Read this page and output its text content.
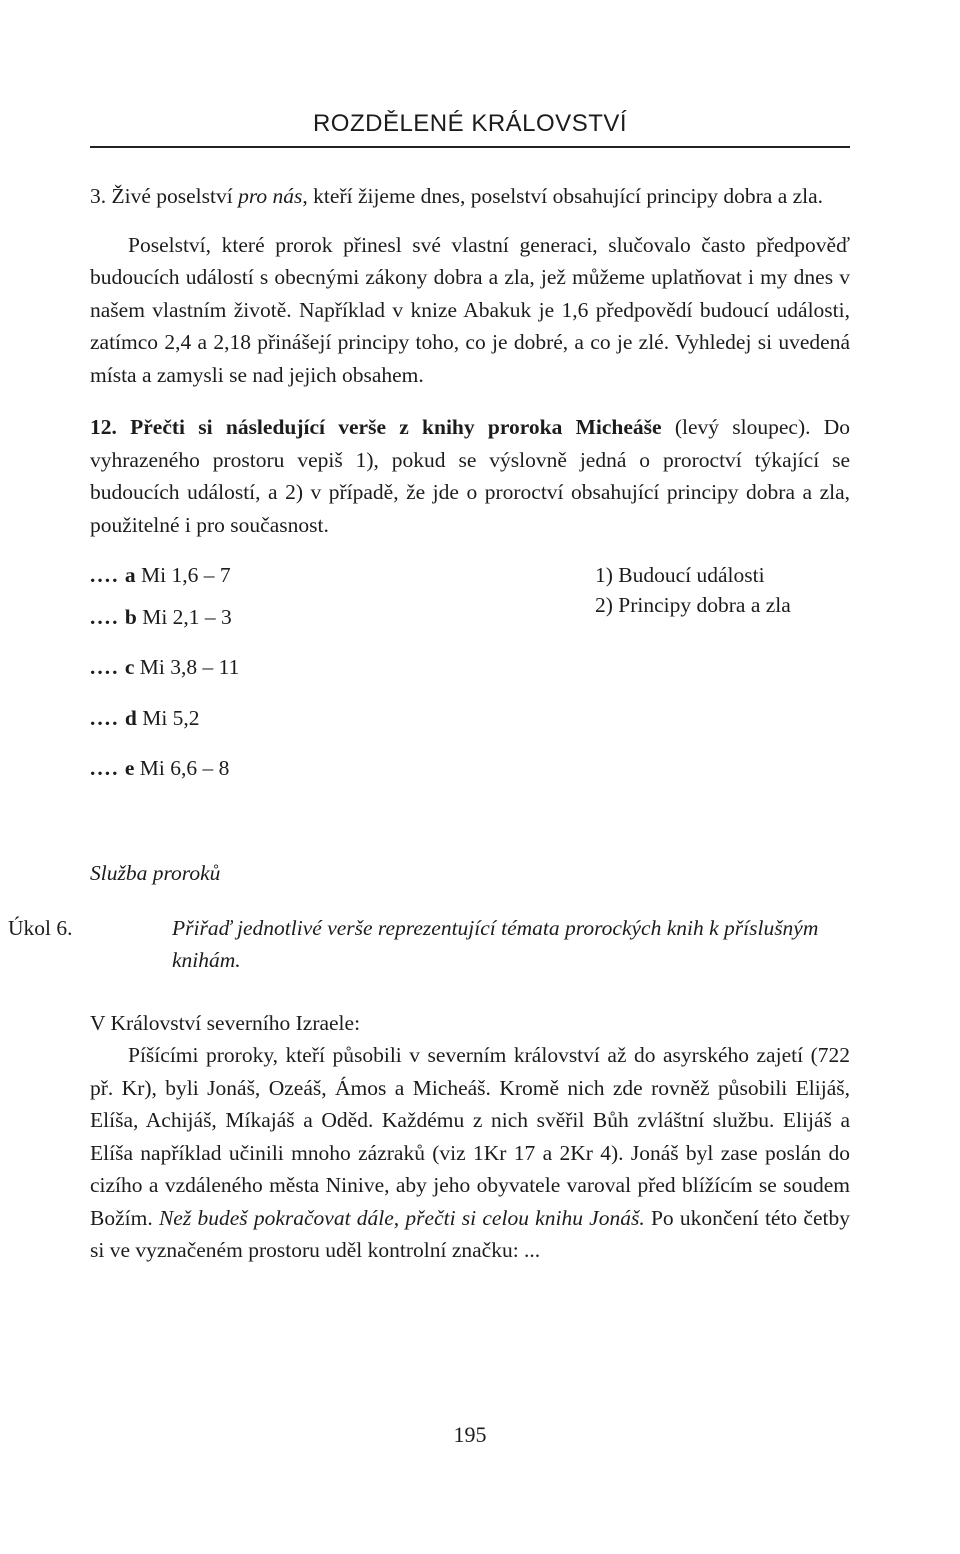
ROZDĚLENÉ KRÁLOVSTVÍ

3. Živé poselství pro nás, kteří žijeme dnes, poselství obsahující principy dobra a zla.

Poselství, které prorok přinesl své vlastní generaci, slučovalo často předpověď budoucích událostí s obecnými zákony dobra a zla, jež můžeme uplatňovat i my dnes v našem vlastním životě. Například v knize Abakuk je 1,6 předpovědí budoucí události, zatímco 2,4 a 2,18 přinášejí principy toho, co je dobré, a co je zlé. Vyhledej si uvedená místa a zamysli se nad jejich obsahem.

12. Přečti si následující verše z knihy proroka Micheáše (levý sloupec). Do vyhrazeného prostoru vepiš 1), pokud se výslovně jedná o proroctví týkající se budoucích událostí, a 2) v případě, že jde o proroctví obsahující principy dobra a zla, použitelné i pro současnost.

.... a Mi 1,6 – 7
.... b Mi 2,1 – 3
.... c Mi 3,8 – 11
.... d Mi 5,2
.... e Mi 6,6 – 8
1) Budoucí události
2) Principy dobra a zla

Služba proroků

Úkol 6.	Přiřaď jednotlivé verše reprezentující témata prorockých knih k příslušným knihám.

V Království severního Izraele:

Píšícími proroky, kteří působili v severním království až do asyrského zajetí (722 př. Kr), byli Jonáš, Ozeáš, Ámos a Micheáš. Kromě nich zde rovněž působili Elijáš, Elíša, Achijáš, Míkajáš a Oděd. Každému z nich svěřil Bůh zvláštní službu. Elijáš a Elíša například učinili mnoho zázraků (viz 1Kr 17 a 2Kr 4). Jonáš byl zase poslán do cizího a vzdáleného města Ninive, aby jeho obyvatele varoval před blížícím se soudem Božím. Než budeš pokračovat dále, přečti si celou knihu Jonáš. Po ukončení této četby si ve vyznačeném prostoru uděl kontrolní značku: ...

195
